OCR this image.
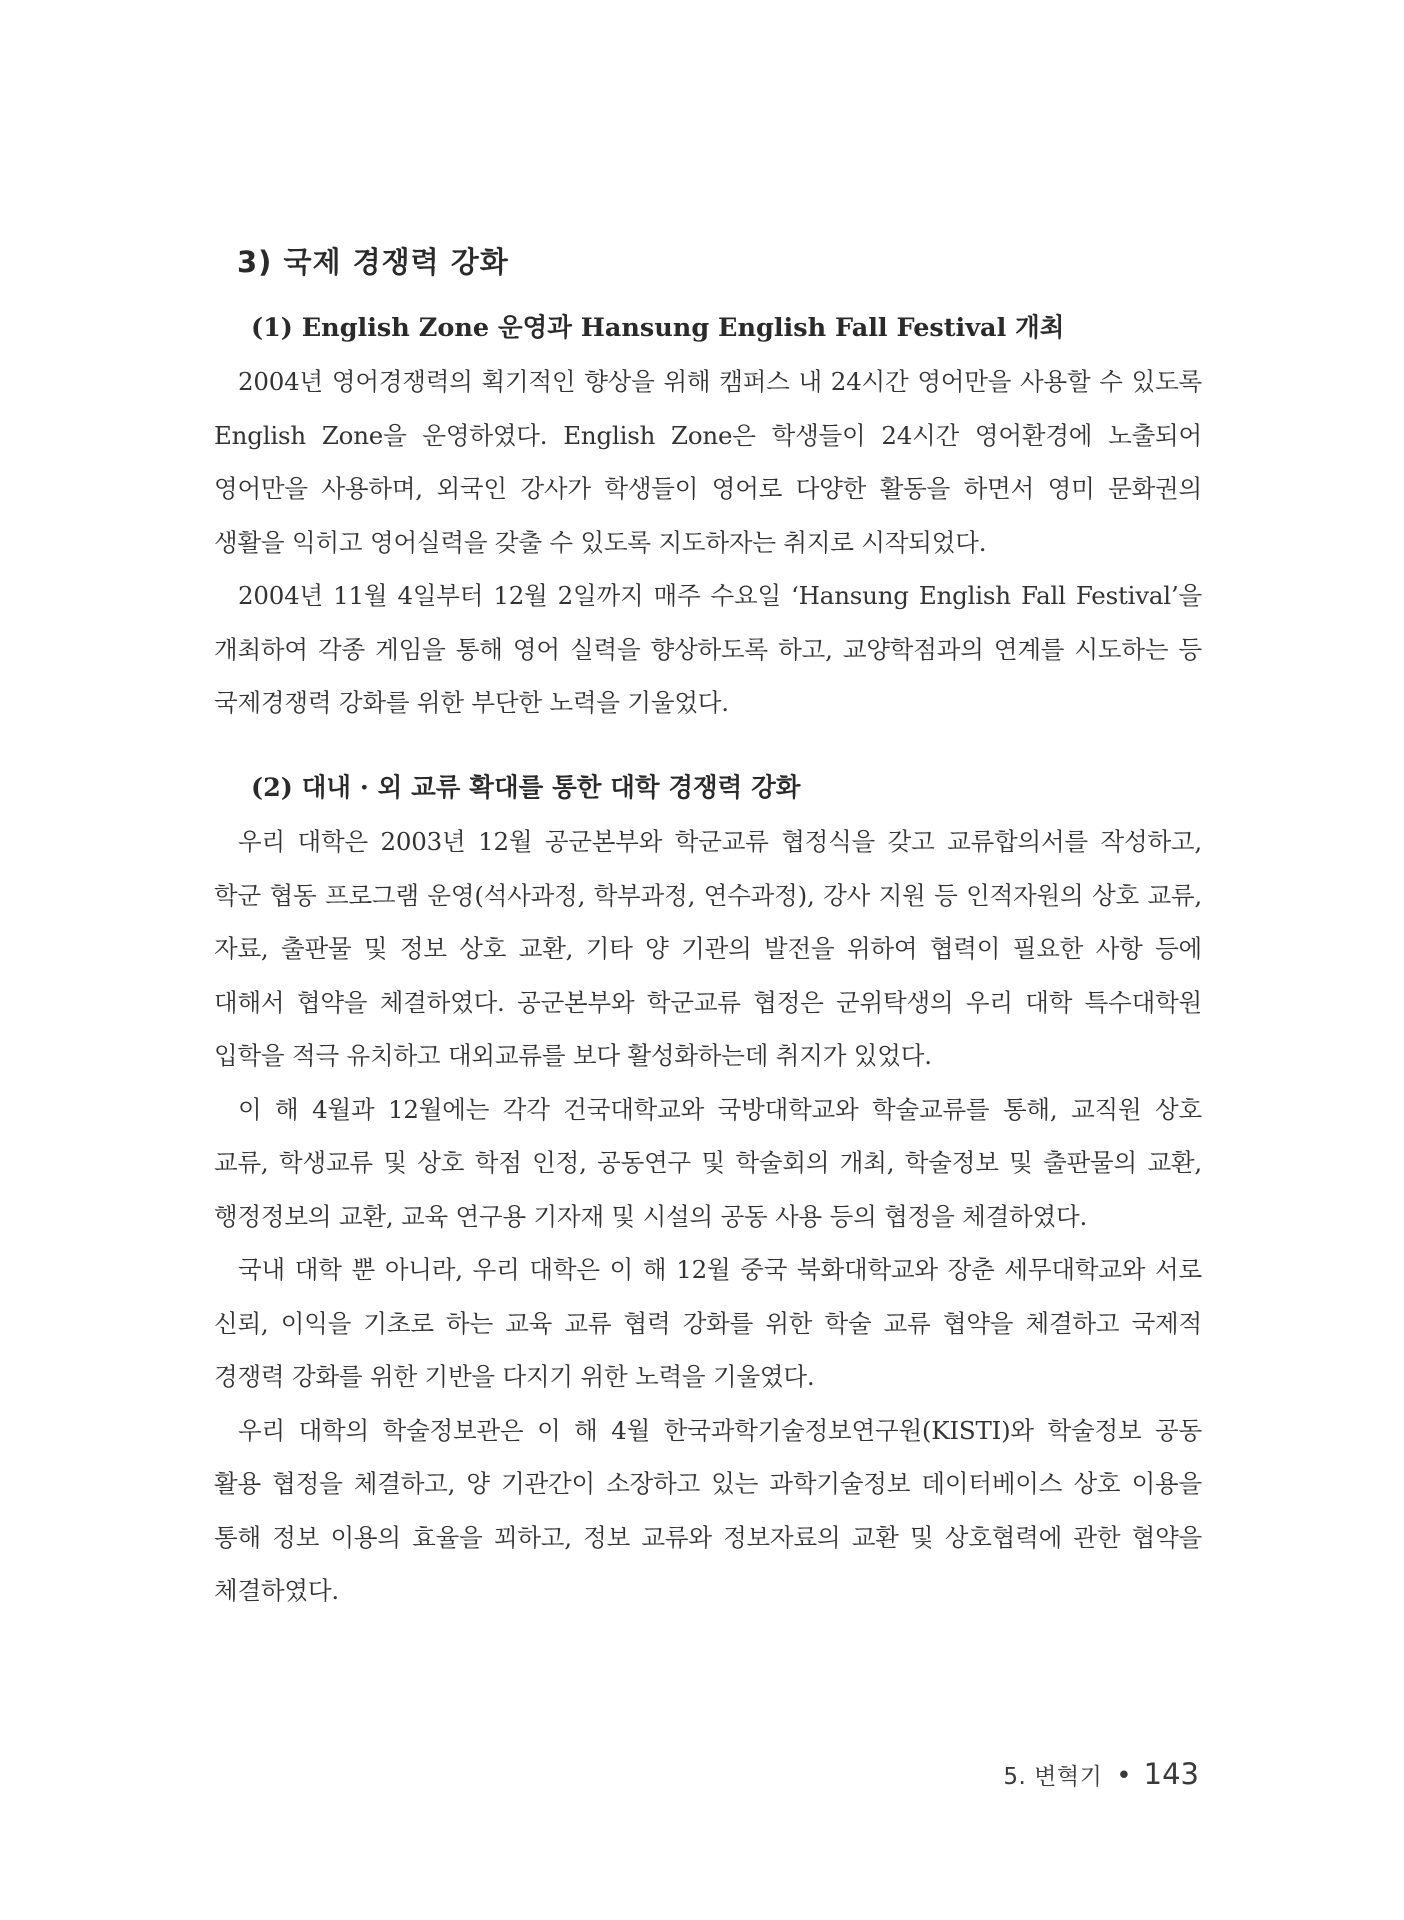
3) 국제 경쟁력 강화
(1) English Zone 운영과 Hansung English Fall Festival 개최

2004년 영어경쟁력의 획기적인 향상을 위해 캠퍼스 내 24시간 영어만을 사용할 수 있도록 English Zone을 운영하였다. English Zone은 학생들이 24시간 영어환경에 노출되어 영어만을 사용하며, 외국인 강사가 학생들이 영어로 다양한 활동을 하면서 영미 문화권의 생활을 익히고 영어실력을 갖출 수 있도록 지도하자는 취지로 시작되었다.

2004년 11월 4일부터 12월 2일까지 매주 수요일 ‘Hansung English Fall Festival’을 개최하여 각종 게임을 통해 영어 실력을 향상하도록 하고, 교양학점과의 연계를 시도하는 등 국제경쟁력 강화를 위한 부단한 노력을 기울었다.

(2) 대내 · 외 교류 확대를 통한 대학 경쟁력 강화

우리 대학은 2003년 12월 공군본부와 학군교류 협정식을 갖고 교류합의서를 작성하고, 학군 협동 프로그램 운영(석사과정, 학부과정, 연수과정), 강사 지원 등 인적자원의 상호 교류, 자료, 출판물 및 정보 상호 교환, 기타 양 기관의 발전을 위하여 협력이 필요한 사항 등에 대해서 협약을 체결하였다. 공군본부와 학군교류 협정은 군위탁생의 우리 대학 특수대학원 입학을 적극 유치하고 대외교류를 보다 활성화하는데 취지가 있었다.

이 해 4월과 12월에는 각각 건국대학교와 국방대학교와 학술교류를 통해, 교직원 상호 교류, 학생교류 및 상호 학점 인정, 공동연구 및 학술회의 개최, 학술정보 및 출판물의 교환, 행정정보의 교환, 교육 연구용 기자재 및 시설의 공동 사용 등의 협정을 체결하였다.

국내 대학 뿐 아니라, 우리 대학은 이 해 12월 중국 북화대학교와 장춘 세무대학교와 서로 신뢰, 이익을 기초로 하는 교육 교류 협력 강화를 위한 학술 교류 협약을 체결하고 국제적 경쟁력 강화를 위한 기반을 다지기 위한 노력을 기울였다.

우리 대학의 학술정보관은 이 해 4월 한국과학기술정보연구원(KISTI)와 학술정보 공동 활용 협정을 체결하고, 양 기관간이 소장하고 있는 과학기술정보 데이터베이스 상호 이용을 통해 정보 이용의 효율을 꾀하고, 정보 교류와 정보자료의 교환 및 상호협력에 관한 협약을 체결하였다.

5. 변혁기 • 143
